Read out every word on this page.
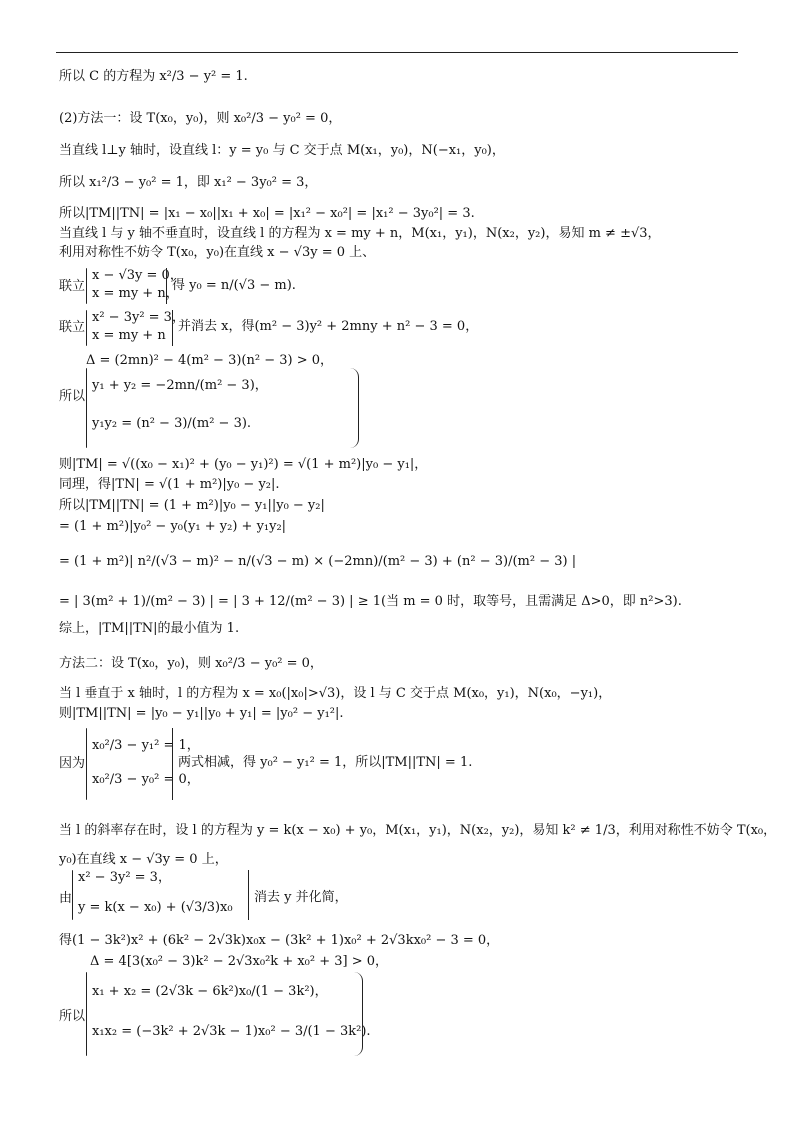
所以 C 的方程为 x²/3 − y² = 1.
(2)方法一：设 T(x₀，y₀)，则 x₀²/3 − y₀² = 0，
当直线 l⊥y 轴时，设直线 l：y = y₀ 与 C 交于点 M(x₁，y₀)，N(−x₁，y₀)，
所以 x₁²/3 − y₀² = 1，即 x₁² − 3y₀² = 3，
所以|TM||TN| = |x₁ − x₀||x₁ + x₀| = |x₁² − x₀²| = |x₁² − 3y₀²| = 3.
当直线 l 与 y 轴不垂直时，设直线 l 的方程为 x = my + n，M(x₁，y₁)，N(x₂，y₂)，易知 m ≠ ±√3，
利用对称性不妨令 T(x₀，y₀)在直线 x − √3y = 0 上、
联立
x − √3y = 0，
x = my + n，
得 y₀ = n/(√3 − m).
联立
x² − 3y² = 3，
x = my + n
并消去 x，得(m² − 3)y² + 2mny + n² − 3 = 0，
Δ = (2mn)² − 4(m² − 3)(n² − 3) > 0，
所以
y₁ + y₂ = −2mn/(m² − 3)，
y₁y₂ = (n² − 3)/(m² − 3).
则|TM| = √((x₀ − x₁)² + (y₀ − y₁)²) = √(1 + m²)|y₀ − y₁|，
同理，得|TN| = √(1 + m²)|y₀ − y₂|.
所以|TM||TN| = (1 + m²)|y₀ − y₁||y₀ − y₂|
= (1 + m²)|y₀² − y₀(y₁ + y₂) + y₁y₂|
= (1 + m²)| n²/(√3 − m)² − n/(√3 − m) × (−2mn)/(m² − 3) + (n² − 3)/(m² − 3) |
= | 3(m² + 1)/(m² − 3) | = | 3 + 12/(m² − 3) | ≥ 1(当 m = 0 时，取等号，且需满足 Δ>0，即 n²>3).
综上，|TM||TN|的最小值为 1.
方法二：设 T(x₀，y₀)，则 x₀²/3 − y₀² = 0，
当 l 垂直于 x 轴时，l 的方程为 x = x₀(|x₀|>√3)，设 l 与 C 交于点 M(x₀，y₁)，N(x₀，−y₁)，
则|TM||TN| = |y₀ − y₁||y₀ + y₁| = |y₀² − y₁²|.
因为
x₀²/3 − y₁² = 1，
x₀²/3 − y₀² = 0，
两式相减，得 y₀² − y₁² = 1，所以|TM||TN| = 1.
当 l 的斜率存在时，设 l 的方程为 y = k(x − x₀) + y₀，M(x₁，y₁)，N(x₂，y₂)，易知 k² ≠ 1/3，利用对称性不妨令 T(x₀，
y₀)在直线 x − √3y = 0 上，
由
x² − 3y² = 3，
y = k(x − x₀) + (√3/3)x₀
消去 y 并化简，
得(1 − 3k²)x² + (6k² − 2√3k)x₀x − (3k² + 1)x₀² + 2√3kx₀² − 3 = 0，
Δ = 4[3(x₀² − 3)k² − 2√3x₀²k + x₀² + 3] > 0，
所以
x₁ + x₂ = (2√3k − 6k²)x₀/(1 − 3k²)，
x₁x₂ = (−3k² + 2√3k − 1)x₀² − 3/(1 − 3k²).
